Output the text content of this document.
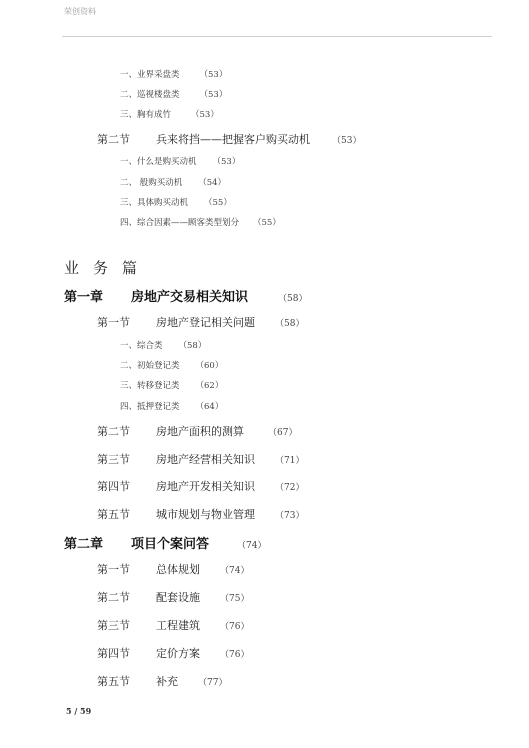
荣创资料
一、业界采盘类 （53）
二、巡视楼盘类 （53）
三、胸有成竹 （53）
第二节 兵来将挡——把握客户购买动机 （53）
一、什么是购买动机 （53）
二、 般购买动机 （54）
三、具体购买动机 （55）
四、综合因素——顾客类型划分 （55）
业务篇
第一章 房地产交易相关知识	（58）
第一节 房地产登记相关问题 （58）
一、综合类 （58）
二、初始登记类 （60）
三、转移登记类 （62）
四、抵押登记类 （64）
第二节 房地产面积的测算	（67）
第三节 房地产经营相关知识 （71）
第四节 房地产开发相关知识 （72）
第五节 城市规划与物业管理 （73）
第二章 项目个案问答	（74）
第一节 总体规划 （74）
第二节 配套设施 （75）
第三节 工程建筑 （76）
第四节 定价方案 （76）
第五节 补充 （77）
5 / 59
